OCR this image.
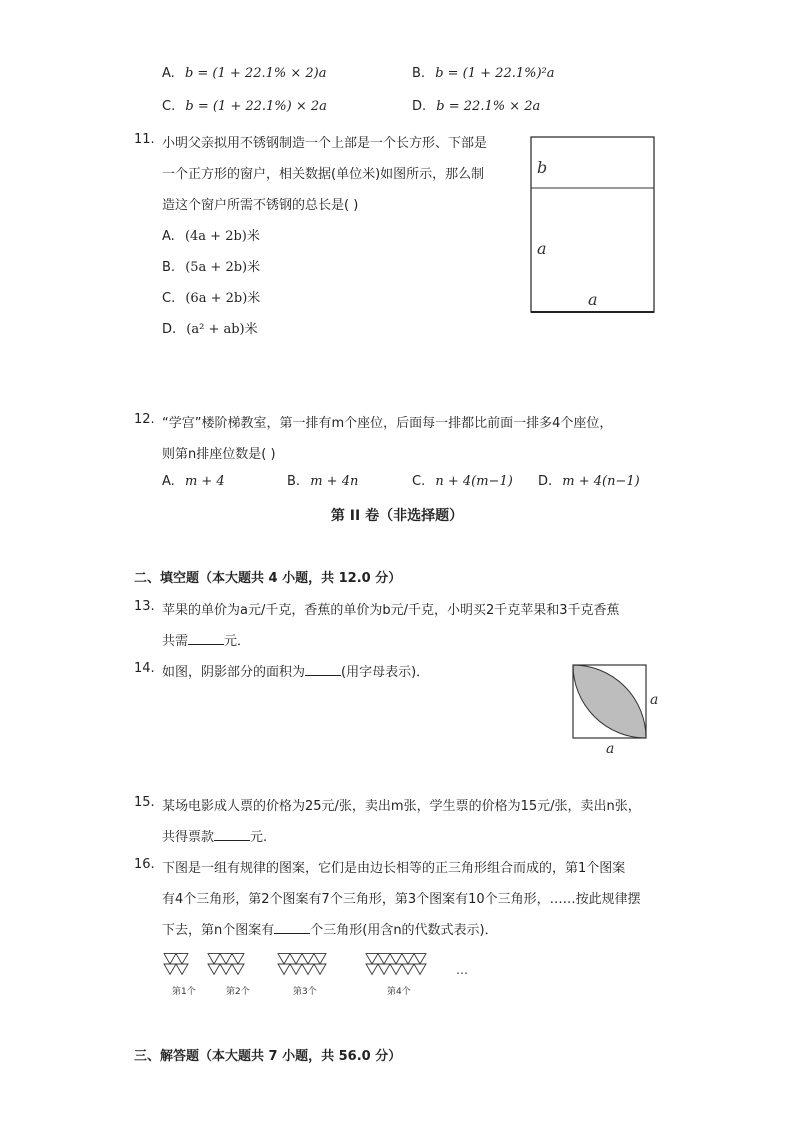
A. b = (1 + 22.1% × 2)a	B. b = (1 + 22.1%)²a
C. b = (1 + 22.1%) × 2a	D. b = 22.1% × 2a
11. 小明父亲拟用不锈钢制造一个上部是一个长方形、下部是
一个正方形的窗户，相关数据(单位米)如图所示，那么制
造这个窗户所需不锈钢的总长是( )
A. (4a + 2b)米
B. (5a + 2b)米
C. (6a + 2b)米
D. (a² + ab)米
b
a
a
12. “学宫”楼阶梯教室，第一排有m个座位，后面每一排都比前面一排多4个座位，
则第n排座位数是( )
A. m + 4	B. m + 4n	C. n + 4(m−1) D. m + 4(n−1)
第 II 卷（非选择题）
二、填空题（本大题共 4 小题，共 12.0 分）
13. 苹果的单价为a元/千克，香蕉的单价为b元/千克，小明买2千克苹果和3千克香蕉
共需	元．
14. 如图，阴影部分的面积为	(用字母表示)．
a
a
15. 某场电影成人票的价格为25元/张，卖出m张，学生票的价格为15元/张，卖出n张，
共得票款	元.
16. 下图是一组有规律的图案，它们是由边长相等的正三角形组合而成的，第1个图案
有4个三角形，第2个图案有7个三角形，第3个图案有10个三角形，……按此规律摆
下去，第n个图案有	个三角形(用含n的代数式表示)．
第1个	第2个	第3个	第4个
…
三、解答题（本大题共 7 小题，共 56.0 分）
